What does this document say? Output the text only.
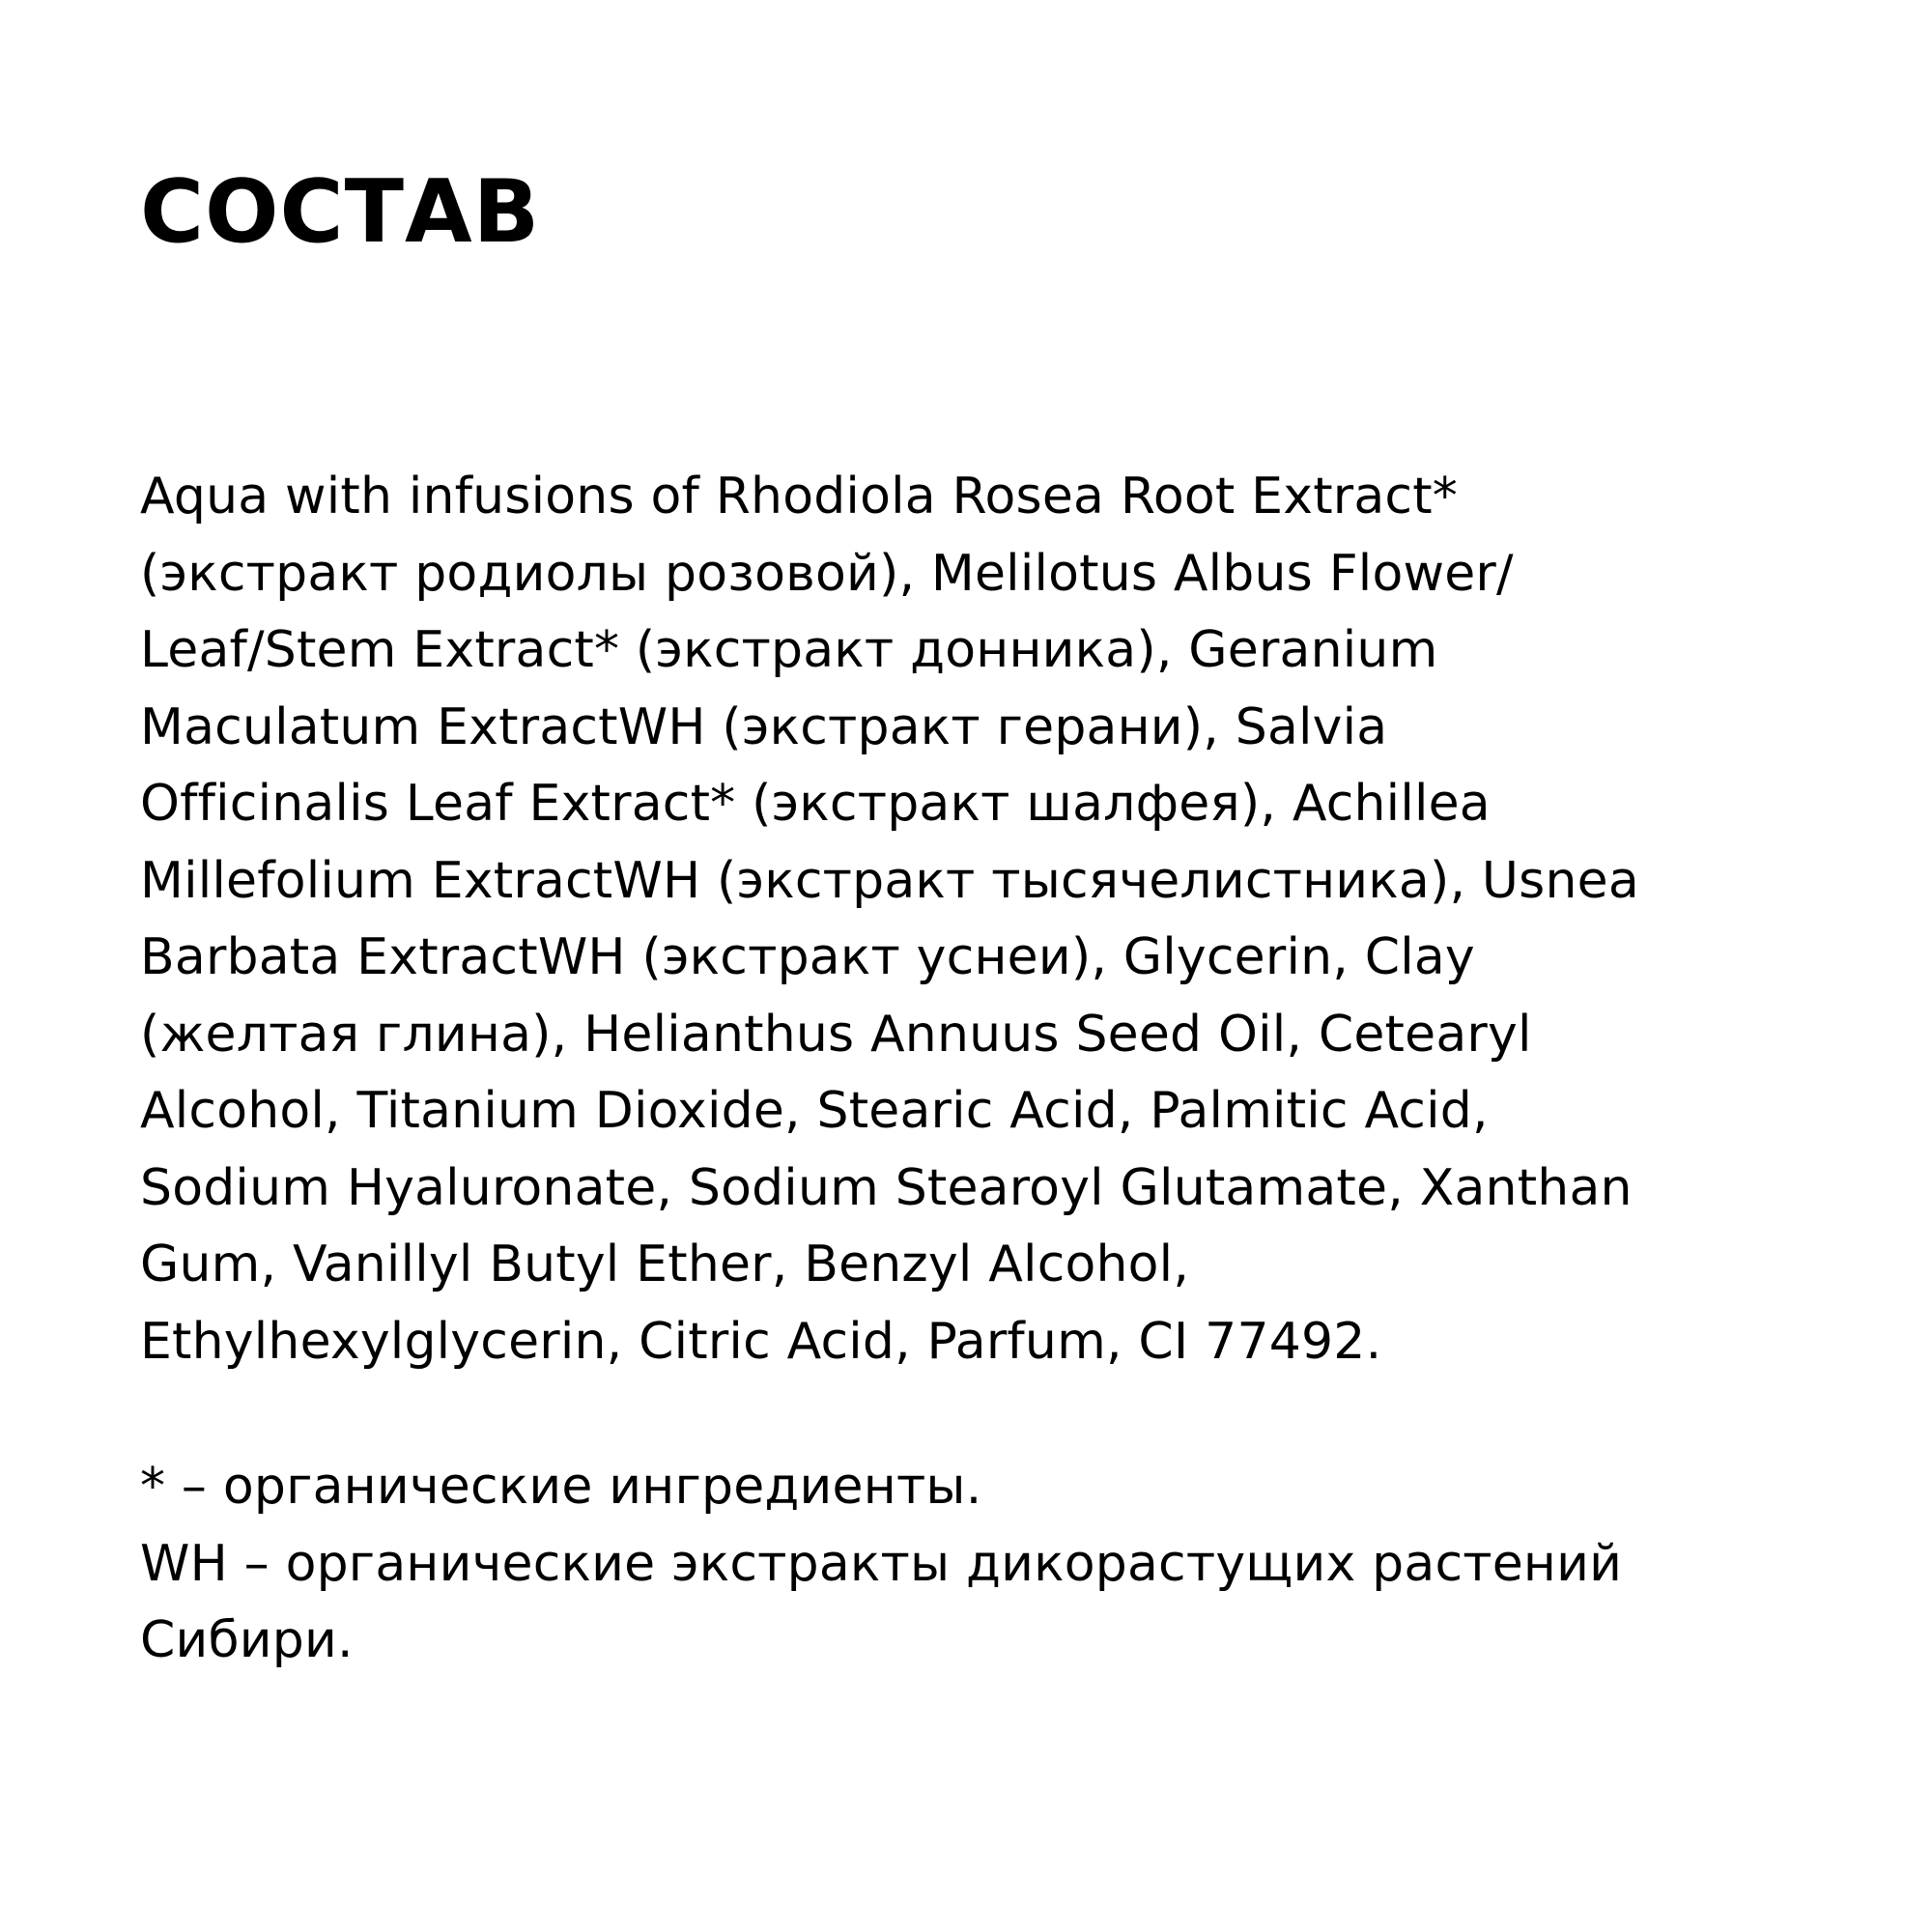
СОСТАВ
Aqua with infusions of Rhodiola Rosea Root Extract*
(экстракт родиолы розовой), Melilotus Albus Flower/
Leaf/Stem Extract* (экстракт донника), Geranium
Maculatum ExtractWH (экстракт герани), Salvia
Officinalis Leaf Extract* (экстракт шалфея), Achillea
Millefolium ExtractWH (экстракт тысячелистника), Usnea
Barbata ExtractWH (экстракт уснеи), Glycerin, Clay
(желтая глина), Helianthus Annuus Seed Oil, Cetearyl
Alcohol, Titanium Dioxide, Stearic Acid, Palmitic Acid,
Sodium Hyaluronate, Sodium Stearoyl Glutamate, Xanthan
Gum, Vanillyl Butyl Ether, Benzyl Alcohol,
Ethylhexylglycerin, Citric Acid, Parfum, CI 77492.
* – органические ингредиенты.
WH – органические экстракты дикорастущих растений
Сибири.
